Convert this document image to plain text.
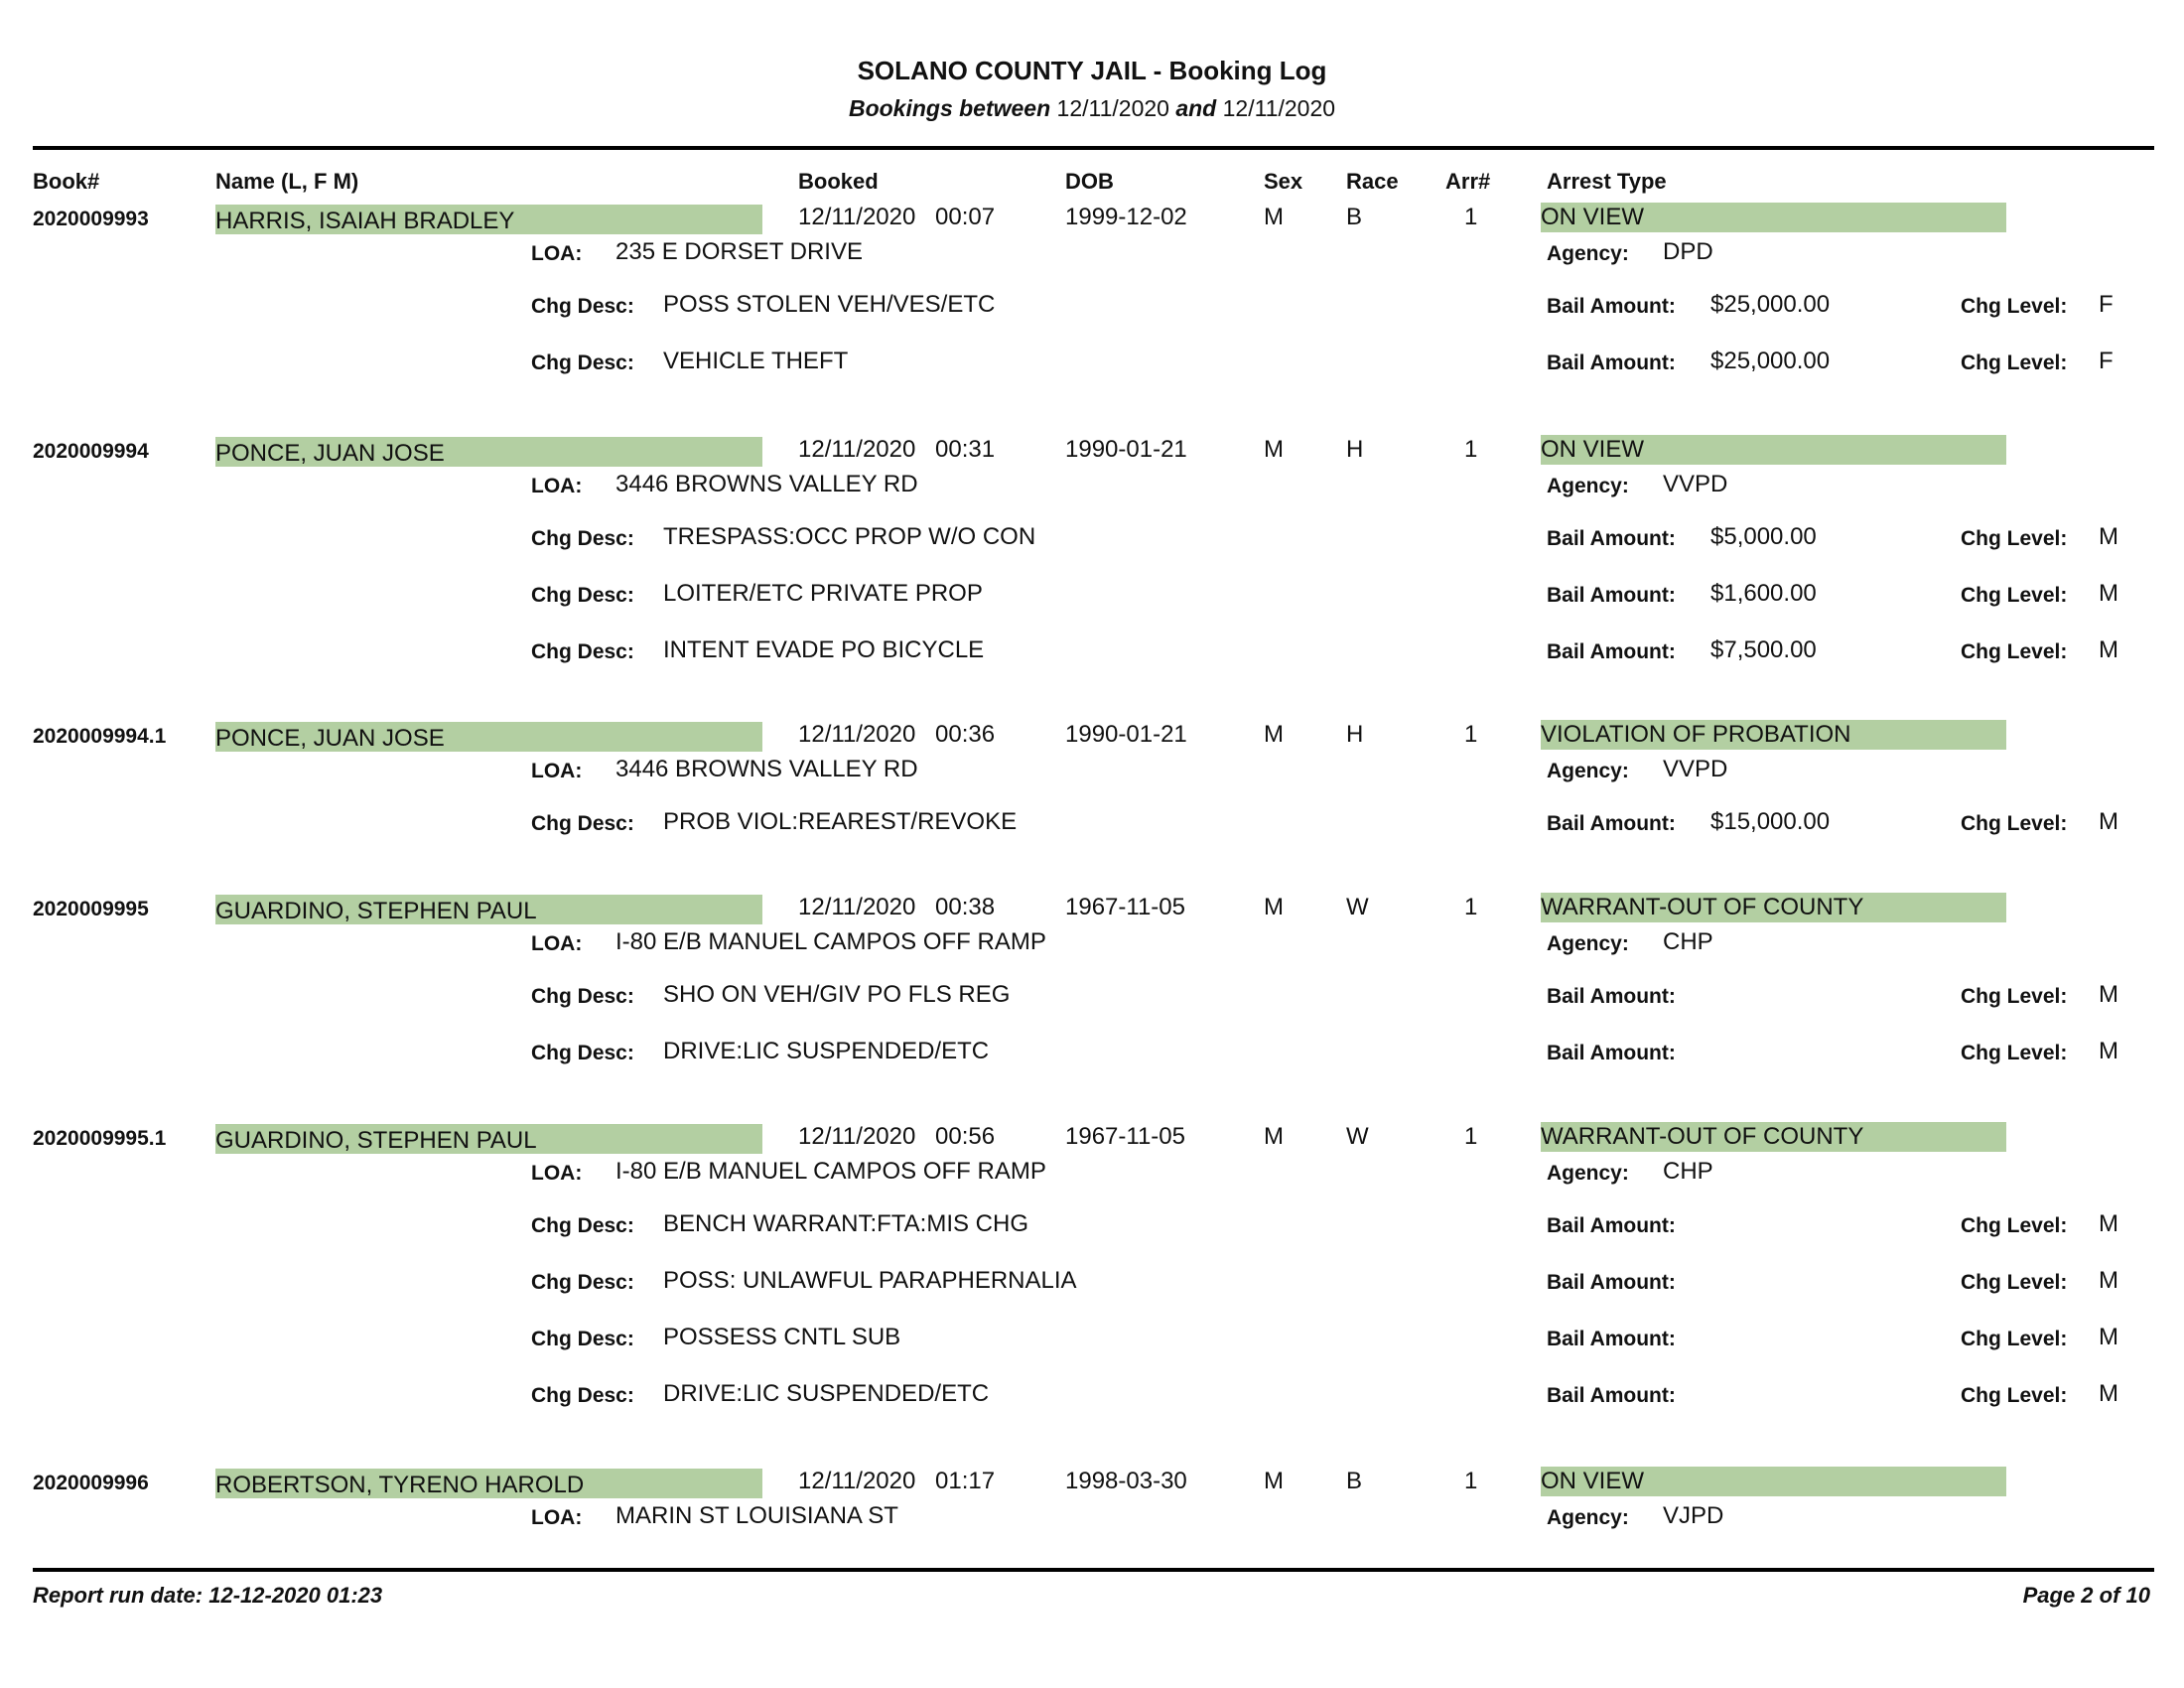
SOLANO COUNTY JAIL - Booking Log
Bookings between 12/11/2020 and 12/11/2020
Book#	Name (L, F M)	Booked	DOB	Sex Race Arr#	Arrest Type
2020009993	HARRIS, ISAIAH BRADLEY	12/11/2020 00:07	1999-12-02	M	B	1	ON VIEW
LOA: 235 E DORSET DRIVE	Agency: DPD
Chg Desc: POSS STOLEN VEH/VES/ETC	Bail Amount: $25,000.00	Chg Level: F
Chg Desc: VEHICLE THEFT	Bail Amount: $25,000.00	Chg Level: F
2020009994	PONCE, JUAN JOSE	12/11/2020 00:31	1990-01-21	M	H	1	ON VIEW
LOA: 3446 BROWNS VALLEY RD	Agency: VVPD
Chg Desc: TRESPASS:OCC PROP W/O CON	Bail Amount: $5,000.00	Chg Level: M
Chg Desc: LOITER/ETC PRIVATE PROP	Bail Amount: $1,600.00	Chg Level: M
Chg Desc: INTENT EVADE PO BICYCLE	Bail Amount: $7,500.00	Chg Level: M
2020009994.1 PONCE, JUAN JOSE	12/11/2020 00:36	1990-01-21	M	H	1	VIOLATION OF PROBATION
LOA: 3446 BROWNS VALLEY RD	Agency: VVPD
Chg Desc: PROB VIOL:REAREST/REVOKE	Bail Amount: $15,000.00	Chg Level: M
2020009995	GUARDINO, STEPHEN PAUL	12/11/2020 00:38	1967-11-05	M	W	1	WARRANT-OUT OF COUNTY
LOA: I-80 E/B MANUEL CAMPOS OFF RAMP	Agency: CHP
Chg Desc: SHO ON VEH/GIV PO FLS REG	Bail Amount:	Chg Level: M
Chg Desc: DRIVE:LIC SUSPENDED/ETC	Bail Amount:	Chg Level: M
2020009995.1 GUARDINO, STEPHEN PAUL	12/11/2020 00:56	1967-11-05	M	W	1	WARRANT-OUT OF COUNTY
LOA: I-80 E/B MANUEL CAMPOS OFF RAMP	Agency: CHP
Chg Desc: BENCH WARRANT:FTA:MIS CHG	Bail Amount:	Chg Level: M
Chg Desc: POSS: UNLAWFUL PARAPHERNALIA	Bail Amount:	Chg Level: M
Chg Desc: POSSESS CNTL SUB	Bail Amount:	Chg Level: M
Chg Desc: DRIVE:LIC SUSPENDED/ETC	Bail Amount:	Chg Level: M
2020009996	ROBERTSON, TYRENO HAROLD	12/11/2020 01:17	1998-03-30	M	B	1	ON VIEW
LOA: MARIN ST LOUISIANA ST	Agency: VJPD
Report run date: 12-12-2020 01:23	Page 2 of 10
